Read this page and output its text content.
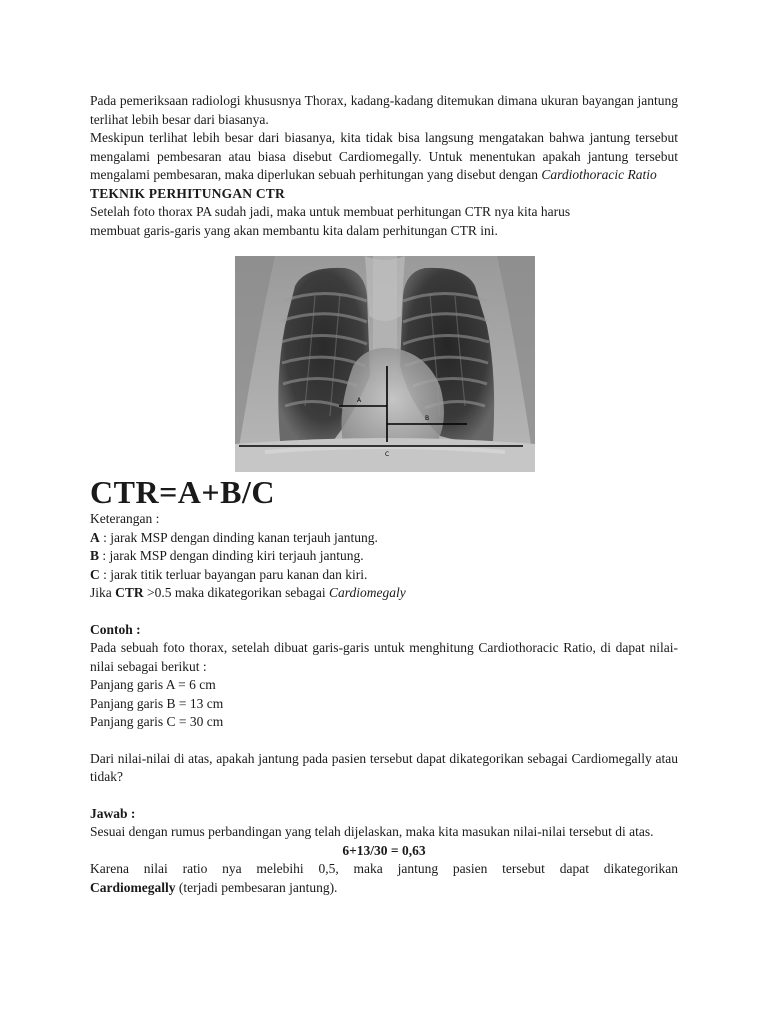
Pada pemeriksaan radiologi khususnya Thorax, kadang-kadang ditemukan dimana ukuran bayangan jantung terlihat lebih besar dari biasanya.

Meskipun terlihat lebih besar dari biasanya, kita tidak bisa langsung mengatakan bahwa jantung tersebut mengalami pembesaran atau biasa disebut Cardiomegally. Untuk menentukan apakah jantung tersebut mengalami pembesaran, maka diperlukan sebuah perhitungan yang disebut dengan Cardiothoracic Ratio

TEKNIK PERHITUNGAN CTR

Setelah foto thorax PA sudah jadi, maka untuk membuat perhitungan CTR nya kita harus

membuat garis-garis yang akan membantu kita dalam perhitungan CTR ini.

A
B
C

CTR=A+B/C

Keterangan :

A : jarak MSP dengan dinding kanan terjauh jantung.

B : jarak MSP dengan dinding kiri terjauh jantung.

C : jarak titik terluar bayangan paru kanan dan kiri.

Jika CTR >0.5 maka dikategorikan sebagai Cardiomegaly

Contoh :

Pada sebuah foto thorax, setelah dibuat garis-garis untuk menghitung Cardiothoracic Ratio, di dapat nilai-nilai sebagai berikut :

Panjang garis A = 6 cm

Panjang garis B = 13 cm

Panjang garis C = 30 cm

Dari nilai-nilai di atas, apakah jantung pada pasien tersebut dapat dikategorikan sebagai Cardiomegally atau tidak?

Jawab :

Sesuai dengan rumus perbandingan yang telah dijelaskan, maka kita masukan nilai-nilai tersebut di atas.

6+13/30 = 0,63

Karena nilai ratio nya melebihi 0,5, maka jantung pasien tersebut dapat dikategorikan

Cardiomegally (terjadi pembesaran jantung).
